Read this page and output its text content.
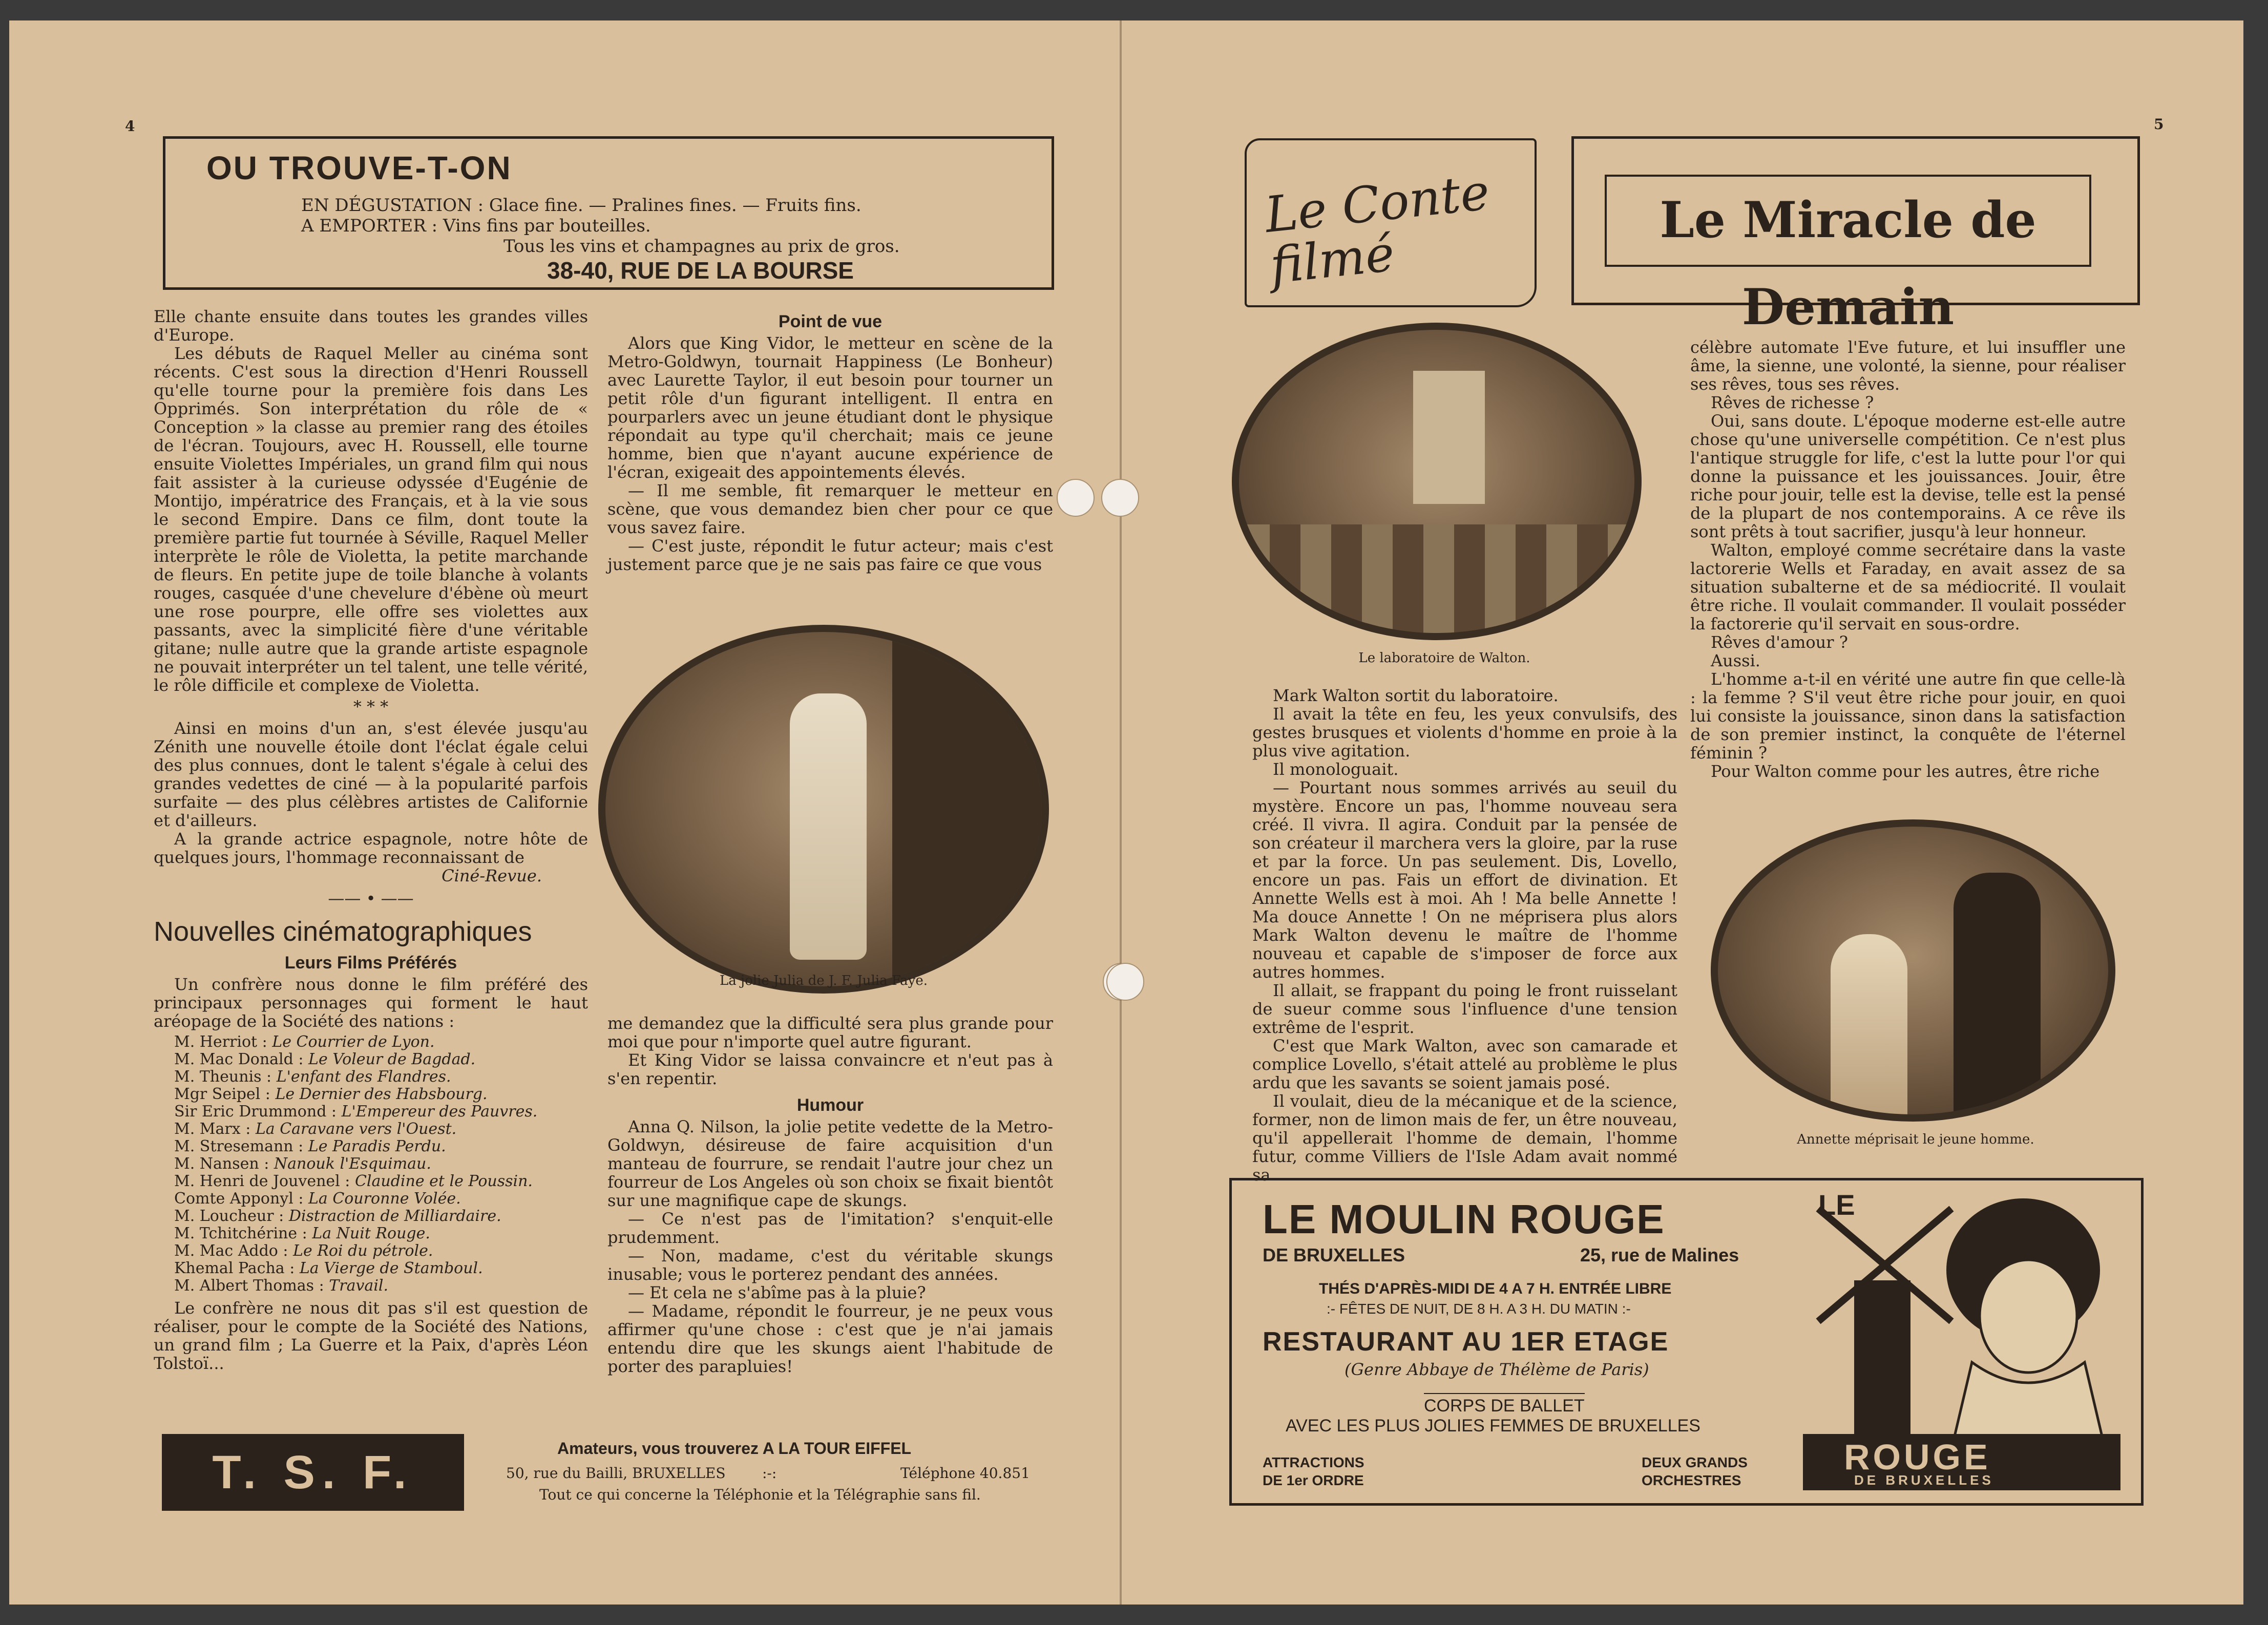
4
OU TROUVE-T-ON
EN DÉGUSTATION : Glace fine. — Pralines fines. — Fruits fins.
A EMPORTER : Vins fins par bouteilles.
Tous les vins et champagnes au prix de gros.
38-40, RUE DE LA BOURSE

Elle chante ensuite dans toutes les grandes villes d'Europe.

Les débuts de Raquel Meller au cinéma sont récents. C'est sous la direction d'Henri Roussell qu'elle tourne pour la première fois dans Les Opprimés. Son interprétation du rôle de « Conception » la classe au premier rang des étoiles de l'écran. Toujours, avec H. Roussell, elle tourne ensuite Violettes Impériales, un grand film qui nous fait assister à la curieuse odyssée d'Eugénie de Montijo, impératrice des Français, et à la vie sous le second Empire. Dans ce film, dont toute la première partie fut tournée à Séville, Raquel Meller interprète le rôle de Violetta, la petite marchande de fleurs. En petite jupe de toile blanche à volants rouges, casquée d'une chevelure d'ébène où meurt une rose pourpre, elle offre ses violettes aux passants, avec la simplicité fière d'une véritable gitane; nulle autre que la grande artiste espagnole ne pouvait interpréter un tel talent, une telle vérité, le rôle difficile et complexe de Violetta.

* * *

Ainsi en moins d'un an, s'est élevée jusqu'au Zénith une nouvelle étoile dont l'éclat égale celui des plus connues, dont le talent s'égale à celui des grandes vedettes de ciné — à la popularité parfois surfaite — des plus célèbres artistes de Californie et d'ailleurs.

A la grande actrice espagnole, notre hôte de quelques jours, l'hommage reconnaissant de

Ciné-Revue.
—— • ——
Nouvelles cinématographiques
Leurs Films Préférés

Un confrère nous donne le film préféré des principaux personnages qui forment le haut aréopage de la Société des nations :

M. Herriot : Le Courrier de Lyon.
M. Mac Donald : Le Voleur de Bagdad.
M. Theunis : L'enfant des Flandres.
Mgr Seipel : Le Dernier des Habsbourg.
Sir Eric Drummond : L'Empereur des Pauvres.
M. Marx : La Caravane vers l'Ouest.
M. Stresemann : Le Paradis Perdu.
M. Nansen : Nanouk l'Esquimau.
M. Henri de Jouvenel : Claudine et le Poussin.
Comte Apponyl : La Couronne Volée.
M. Loucheur : Distraction de Milliardaire.
M. Tchitchérine : La Nuit Rouge.
M. Mac Addo : Le Roi du pétrole.
Khemal Pacha : La Vierge de Stamboul.
M. Albert Thomas : Travail.

Le confrère ne nous dit pas s'il est question de réaliser, pour le compte de la Société des Nations, un grand film ; La Guerre et la Paix, d'après Léon Tolstoï...

Point de vue

Alors que King Vidor, le metteur en scène de la Metro-Goldwyn, tournait Happiness (Le Bonheur) avec Laurette Taylor, il eut besoin pour tourner un petit rôle d'un figurant intelligent. Il entra en pourparlers avec un jeune étudiant dont le physique répondait au type qu'il cherchait; mais ce jeune homme, bien que n'ayant aucune expérience de l'écran, exigeait des appointements élevés.

— Il me semble, fit remarquer le metteur en scène, que vous demandez bien cher pour ce que vous savez faire.

— C'est juste, répondit le futur acteur; mais c'est justement parce que je ne sais pas faire ce que vous

La jolie Julia de J. F. Julia Faye.

me demandez que la difficulté sera plus grande pour moi que pour n'importe quel autre figurant.

Et King Vidor se laissa convaincre et n'eut pas à s'en repentir.

Humour

Anna Q. Nilson, la jolie petite vedette de la Metro-Goldwyn, désireuse de faire acquisition d'un manteau de fourrure, se rendait l'autre jour chez un fourreur de Los Angeles où son choix se fixait bientôt sur une magnifique cape de skungs.

— Ce n'est pas de l'imitation? s'enquit-elle prudemment.

— Non, madame, c'est du véritable skungs inusable; vous le porterez pendant des années.

— Et cela ne s'abîme pas à la pluie?

— Madame, répondit le fourreur, je ne peux vous affirmer qu'une chose : c'est que je n'ai jamais entendu dire que les skungs aient l'habitude de porter des parapluies!

T. S. F.	Amateurs, vous trouverez A LA TOUR EIFFEL
50, rue du Bailli, BRUXELLES	:-:	Téléphone 40.851
Tout ce qui concerne la Téléphonie et la Télégraphie sans fil.
5
Le Conte filmé
Le Miracle de Demain
Le laboratoire de Walton.

Mark Walton sortit du laboratoire.

Il avait la tête en feu, les yeux convulsifs, des gestes brusques et violents d'homme en proie à la plus vive agitation.

Il monologuait.

— Pourtant nous sommes arrivés au seuil du mystère. Encore un pas, l'homme nouveau sera créé. Il vivra. Il agira. Conduit par la pensée de son créateur il marchera vers la gloire, par la ruse et par la force. Un pas seulement. Dis, Lovello, encore un pas. Fais un effort de divination. Et Annette Wells est à moi. Ah ! Ma belle Annette ! Ma douce Annette ! On ne méprisera plus alors Mark Walton devenu le maître de l'homme nouveau et capable de s'imposer de force aux autres hommes.

Il allait, se frappant du poing le front ruisselant de sueur comme sous l'influence d'une tension extrême de l'esprit.

C'est que Mark Walton, avec son camarade et complice Lovello, s'était attelé au problème le plus ardu que les savants se soient jamais posé.

Il voulait, dieu de la mécanique et de la science, former, non de limon mais de fer, un être nouveau, qu'il appellerait l'homme de demain, l'homme futur, comme Villiers de l'Isle Adam avait nommé sa

célèbre automate l'Eve future, et lui insuffler une âme, la sienne, une volonté, la sienne, pour réaliser ses rêves, tous ses rêves.

Rêves de richesse ?

Oui, sans doute. L'époque moderne est-elle autre chose qu'une universelle compétition. Ce n'est plus l'antique struggle for life, c'est la lutte pour l'or qui donne la puissance et les jouissances. Jouir, être riche pour jouir, telle est la devise, telle est la pensé de la plupart de nos contemporains. A ce rêve ils sont prêts à tout sacrifier, jusqu'à leur honneur.

Walton, employé comme secrétaire dans la vaste lactorerie Wells et Faraday, en avait assez de sa situation subalterne et de sa médiocrité. Il voulait être riche. Il voulait commander. Il voulait posséder la factorerie qu'il servait en sous-ordre.

Rêves d'amour ?

Aussi.

L'homme a-t-il en vérité une autre fin que celle-là : la femme ? S'il veut être riche pour jouir, en quoi lui consiste la jouissance, sinon dans la satisfaction de son premier instinct, la conquête de l'éternel féminin ?

Pour Walton comme pour les autres, être riche

Annette méprisait le jeune homme.
LE MOULIN ROUGE
DE BRUXELLES	25, rue de Malines
THÉS D'APRÈS-MIDI DE 4 A 7 H. ENTRÉE LIBRE
:- FÊTES DE NUIT, DE 8 H. A 3 H. DU MATIN :-
RESTAURANT AU 1ER ETAGE
(Genre Abbaye de Thélème de Paris)
CORPS DE BALLET
AVEC LES PLUS JOLIES FEMMES DE BRUXELLES
ATTRACTIONS
DE 1er ORDRE
DEUX GRANDS
ORCHESTRES
LE
ROUGE
DE BRUXELLES
